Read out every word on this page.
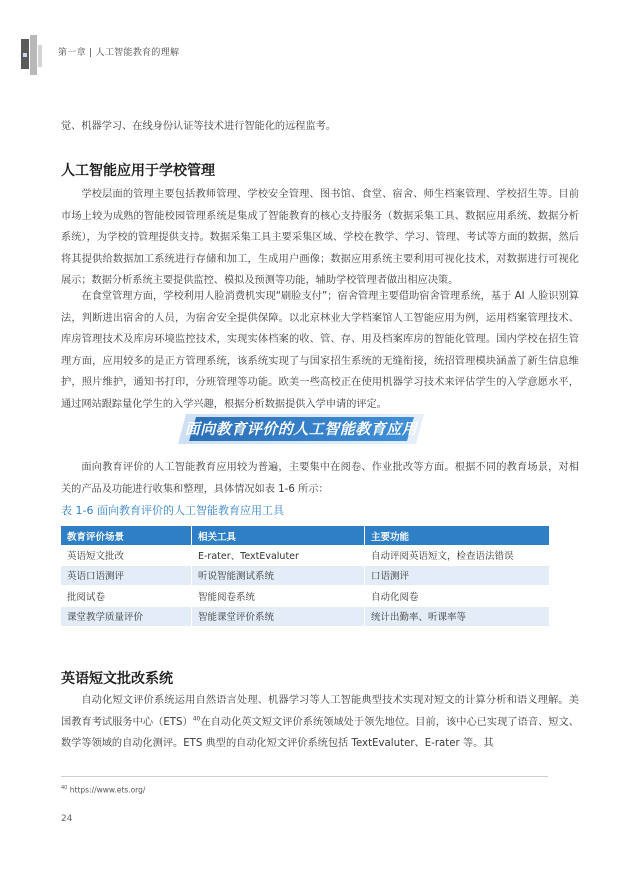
第一章 | 人工智能教育的理解

觉、机器学习、在线身份认证等技术进行智能化的远程监考。

人工智能应用于学校管理

学校层面的管理主要包括教师管理、学校安全管理、图书馆、食堂、宿舍、师生档案管理、学校招生等。目前市场上较为成熟的智能校园管理系统是集成了智能教育的核心支持服务（数据采集工具、数据应用系统、数据分析系统），为学校的管理提供支持。数据采集工具主要采集区域、学校在教学、学习、管理、考试等方面的数据，然后将其提供给数据加工系统进行存储和加工，生成用户画像；数据应用系统主要利用可视化技术，对数据进行可视化展示；数据分析系统主要提供监控、模拟及预测等功能，辅助学校管理者做出相应决策。

在食堂管理方面，学校利用人脸消费机实现“刷脸支付”；宿舍管理主要借助宿舍管理系统，基于 AI 人脸识别算法，判断进出宿舍的人员，为宿舍安全提供保障。以北京林业大学档案馆人工智能应用为例，运用档案管理技术、库房管理技术及库房环境监控技术，实现实体档案的收、管、存、用及档案库房的智能化管理。国内学校在招生管理方面，应用较多的是正方管理系统，该系统实现了与国家招生系统的无缝衔接，统招管理模块涵盖了新生信息维护，照片维护，通知书打印，分班管理等功能。欧美一些高校正在使用机器学习技术来评估学生的入学意愿水平，通过网站跟踪量化学生的入学兴趣，根据分析数据提供入学申请的评定。

面向教育评价的人工智能教育应用

面向教育评价的人工智能教育应用较为普遍，主要集中在阅卷、作业批改等方面。根据不同的教育场景，对相关的产品及功能进行收集和整理，具体情况如表 1-6 所示：

表 1-6 面向教育评价的人工智能教育应用工具

教育评价场景	相关工具	主要功能
英语短文批改	E-rater、TextEvaluter	自动评阅英语短文，检查语法错误
英语口语测评	听说智能测试系统	口语测评
批阅试卷	智能阅卷系统	自动化阅卷
课堂教学质量评价	智能课堂评价系统	统计出勤率、听课率等
英语短文批改系统

自动化短文评价系统运用自然语言处理、机器学习等人工智能典型技术实现对短文的计算分析和语义理解。美国教育考试服务中心（ETS）$^{40}$在自动化英文短文评价系统领域处于领先地位。目前，该中心已实现了语音、短文、数学等领域的自动化测评。ETS 典型的自动化短文评价系统包括 TextEvaluter、E-rater 等。其

$^{40}$ https://www.ets.org/
24
